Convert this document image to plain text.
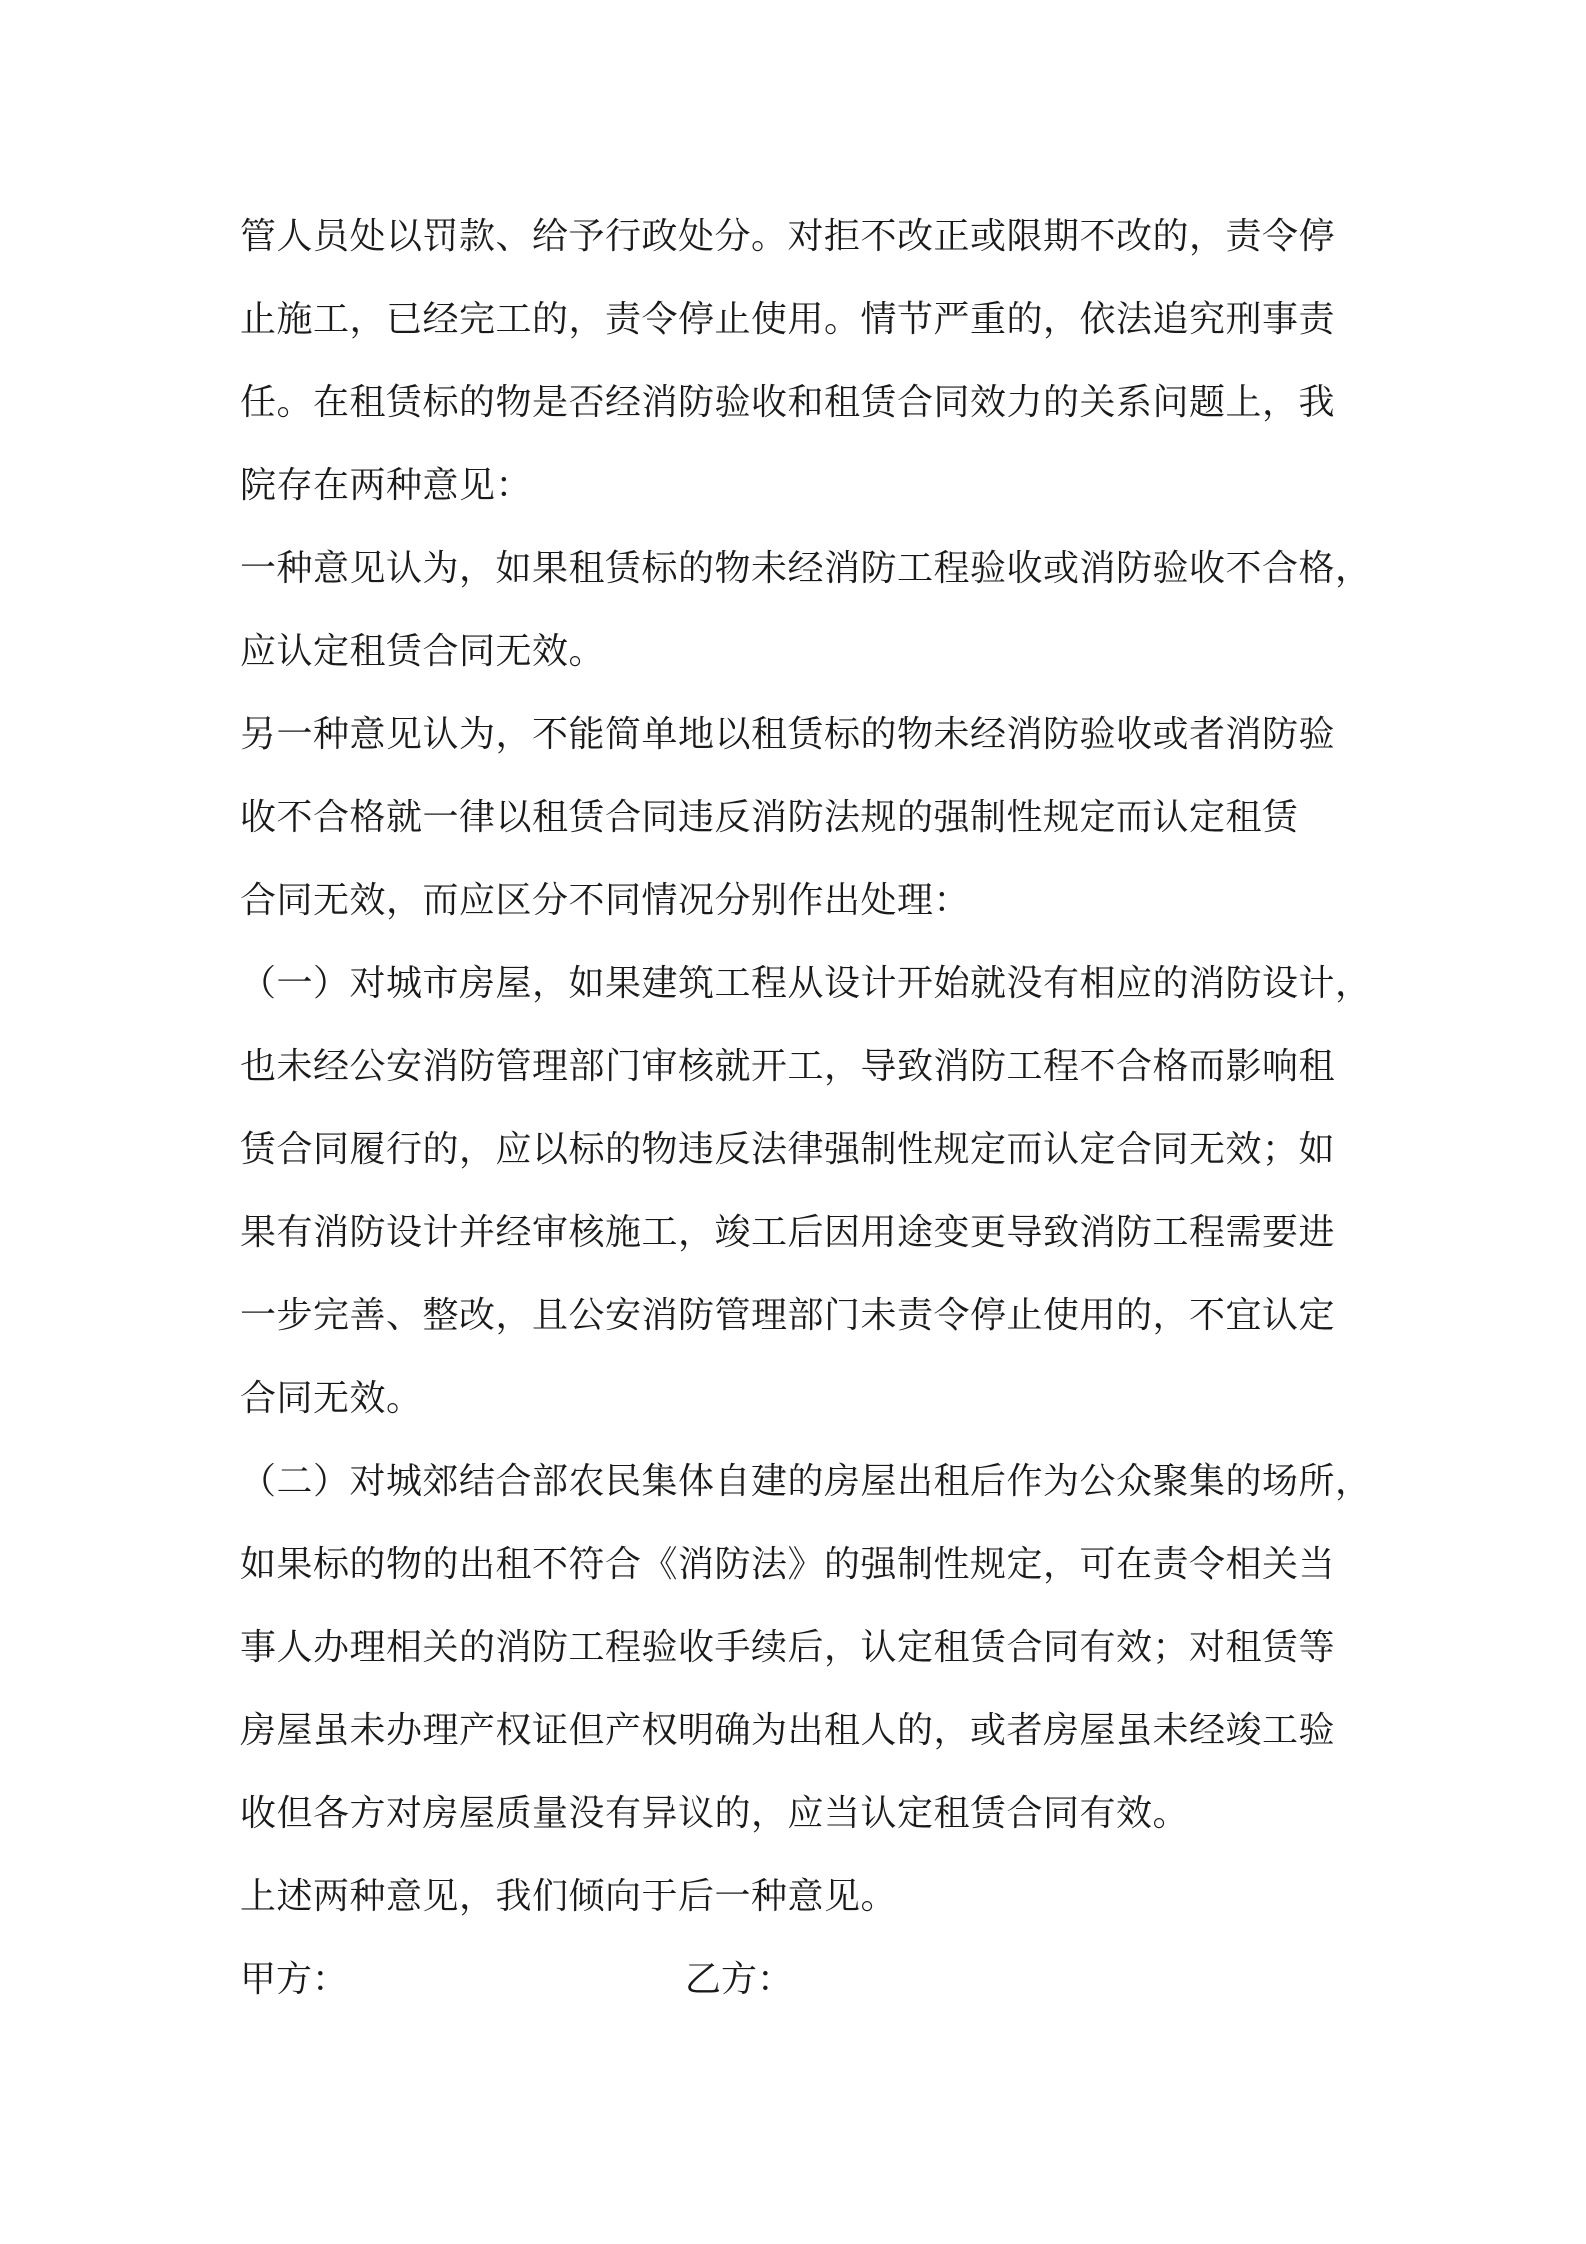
管人员处以罚款、给予行政处分。对拒不改正或限期不改的，责令停
止施工，已经完工的，责令停止使用。情节严重的，依法追究刑事责
任。在租赁标的物是否经消防验收和租赁合同效力的关系问题上，我
院存在两种意见：
一种意见认为，如果租赁标的物未经消防工程验收或消防验收不合格，
应认定租赁合同无效。
另一种意见认为，不能简单地以租赁标的物未经消防验收或者消防验
收不合格就一律以租赁合同违反消防法规的强制性规定而认定租赁
合同无效，而应区分不同情况分别作出处理：
（一）对城市房屋，如果建筑工程从设计开始就没有相应的消防设计，
也未经公安消防管理部门审核就开工，导致消防工程不合格而影响租
赁合同履行的，应以标的物违反法律强制性规定而认定合同无效；如
果有消防设计并经审核施工，竣工后因用途变更导致消防工程需要进
一步完善、整改，且公安消防管理部门未责令停止使用的，不宜认定
合同无效。
（二）对城郊结合部农民集体自建的房屋出租后作为公众聚集的场所，
如果标的物的出租不符合《消防法》的强制性规定，可在责令相关当
事人办理相关的消防工程验收手续后，认定租赁合同有效；对租赁等
房屋虽未办理产权证但产权明确为出租人的，或者房屋虽未经竣工验
收但各方对房屋质量没有异议的，应当认定租赁合同有效。
上述两种意见，我们倾向于后一种意见。
甲方：	乙方：
